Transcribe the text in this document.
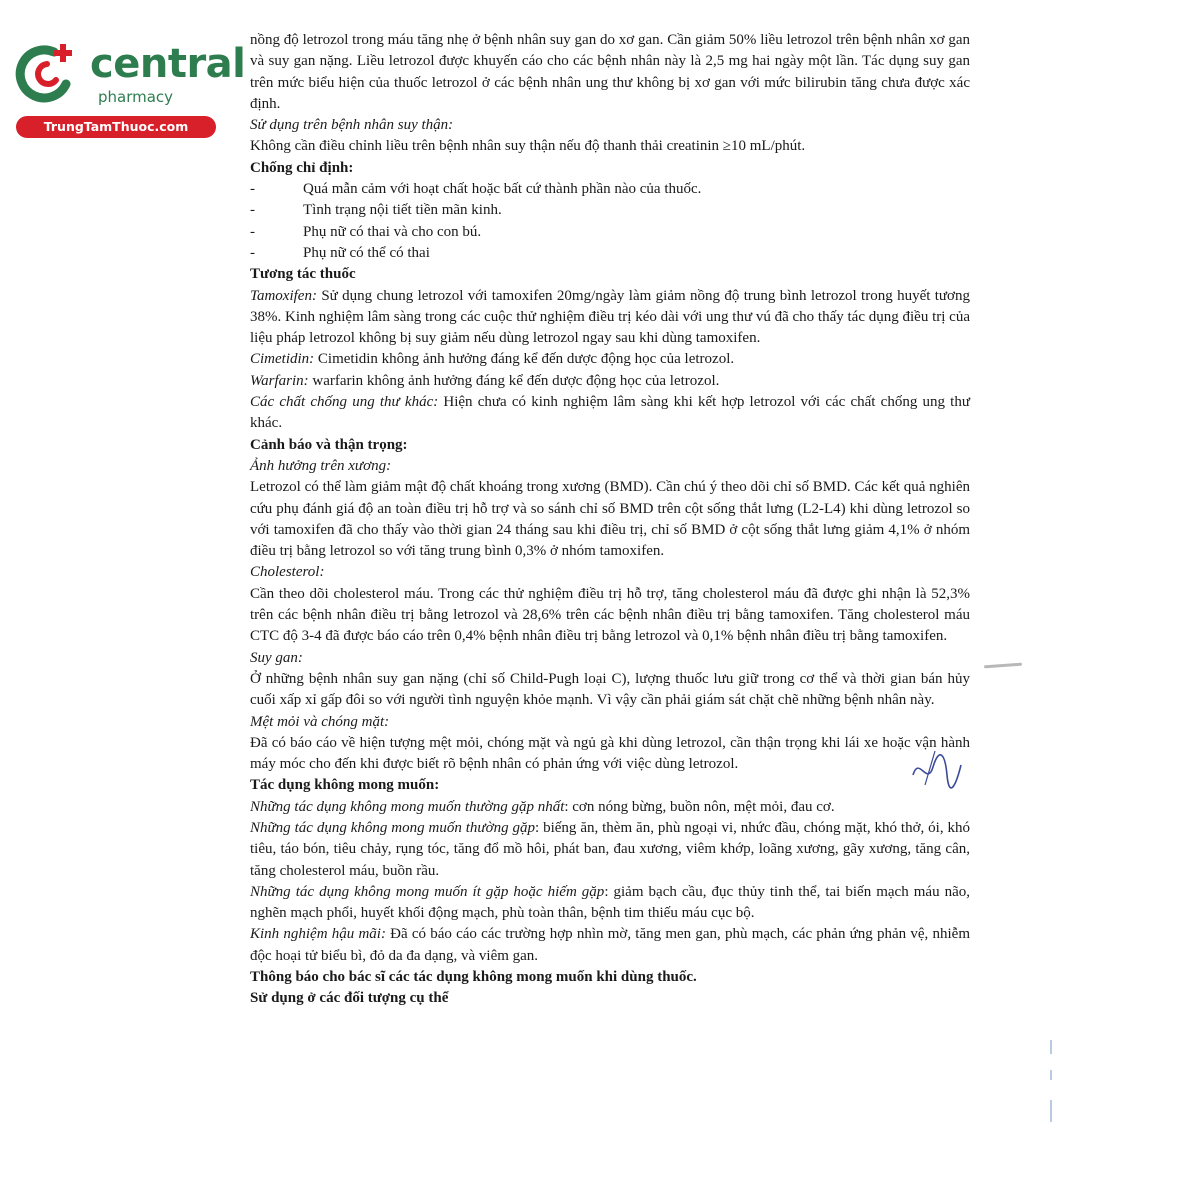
central
pharmacy
TrungTamThuoc.com

nồng độ letrozol trong máu tăng nhẹ ở bệnh nhân suy gan do xơ gan. Cần giảm 50% liều letrozol trên bệnh nhân xơ gan và suy gan nặng. Liều letrozol được khuyến cáo cho các bệnh nhân này là 2,5 mg hai ngày một lần. Tác dụng suy gan trên mức biểu hiện của thuốc letrozol ở các bệnh nhân ung thư không bị xơ gan với mức bilirubin tăng chưa được xác định.

Sử dụng trên bệnh nhân suy thận:

Không cần điều chỉnh liều trên bệnh nhân suy thận nếu độ thanh thải creatinin ≥10 mL/phút.

Chống chỉ định:

-	Quá mẫn cảm với hoạt chất hoặc bất cứ thành phần nào của thuốc.

-	Tình trạng nội tiết tiền mãn kinh.

-	Phụ nữ có thai và cho con bú.

-	Phụ nữ có thể có thai

Tương tác thuốc

Tamoxifen: Sử dụng chung letrozol với tamoxifen 20mg/ngày làm giảm nồng độ trung bình letrozol trong huyết tương 38%. Kinh nghiệm lâm sàng trong các cuộc thử nghiệm điều trị kéo dài với ung thư vú đã cho thấy tác dụng điều trị của liệu pháp letrozol không bị suy giảm nếu dùng letrozol ngay sau khi dùng tamoxifen.

Cimetidin: Cimetidin không ảnh hưởng đáng kể đến dược động học của letrozol.

Warfarin: warfarin không ảnh hưởng đáng kể đến dược động học của letrozol.

Các chất chống ung thư khác: Hiện chưa có kinh nghiệm lâm sàng khi kết hợp letrozol với các chất chống ung thư khác.

Cảnh báo và thận trọng:

Ảnh hưởng trên xương:

Letrozol có thể làm giảm mật độ chất khoáng trong xương (BMD). Cần chú ý theo dõi chỉ số BMD. Các kết quả nghiên cứu phụ đánh giá độ an toàn điều trị hỗ trợ và so sánh chỉ số BMD trên cột sống thắt lưng (L2-L4) khi dùng letrozol so với tamoxifen đã cho thấy vào thời gian 24 tháng sau khi điều trị, chỉ số BMD ở cột sống thắt lưng giảm 4,1% ở nhóm điều trị bằng letrozol so với tăng trung bình 0,3% ở nhóm tamoxifen.

Cholesterol:

Cần theo dõi cholesterol máu. Trong các thử nghiệm điều trị hỗ trợ, tăng cholesterol máu đã được ghi nhận là 52,3% trên các bệnh nhân điều trị bằng letrozol và 28,6% trên các bệnh nhân điều trị bằng tamoxifen. Tăng cholesterol máu CTC độ 3-4 đã được báo cáo trên 0,4% bệnh nhân điều trị bằng letrozol và 0,1% bệnh nhân điều trị bằng tamoxifen.

Suy gan:

Ở những bệnh nhân suy gan nặng (chỉ số Child-Pugh loại C), lượng thuốc lưu giữ trong cơ thể và thời gian bán hủy cuối xấp xỉ gấp đôi so với người tình nguyện khỏe mạnh. Vì vậy cần phải giám sát chặt chẽ những bệnh nhân này.

Mệt mỏi và chóng mặt:

Đã có báo cáo về hiện tượng mệt mỏi, chóng mặt và ngủ gà khi dùng letrozol, cần thận trọng khi lái xe hoặc vận hành máy móc cho đến khi được biết rõ bệnh nhân có phản ứng với việc dùng letrozol.

Tác dụng không mong muốn:

Những tác dụng không mong muốn thường gặp nhất: cơn nóng bừng, buồn nôn, mệt mỏi, đau cơ.

Những tác dụng không mong muốn thường gặp: biếng ăn, thèm ăn, phù ngoại vi, nhức đầu, chóng mặt, khó thở, ói, khó tiêu, táo bón, tiêu chảy, rụng tóc, tăng đổ mồ hôi, phát ban, đau xương, viêm khớp, loãng xương, gãy xương, tăng cân, tăng cholesterol máu, buồn rầu.

Những tác dụng không mong muốn ít gặp hoặc hiếm gặp: giảm bạch cầu, đục thủy tinh thể, tai biến mạch máu não, nghẽn mạch phổi, huyết khối động mạch, phù toàn thân, bệnh tim thiếu máu cục bộ.

Kinh nghiệm hậu mãi: Đã có báo cáo các trường hợp nhìn mờ, tăng men gan, phù mạch, các phản ứng phản vệ, nhiễm độc hoại tử biểu bì, đỏ da đa dạng, và viêm gan.

Thông báo cho bác sĩ các tác dụng không mong muốn khi dùng thuốc.

Sử dụng ở các đối tượng cụ thể
